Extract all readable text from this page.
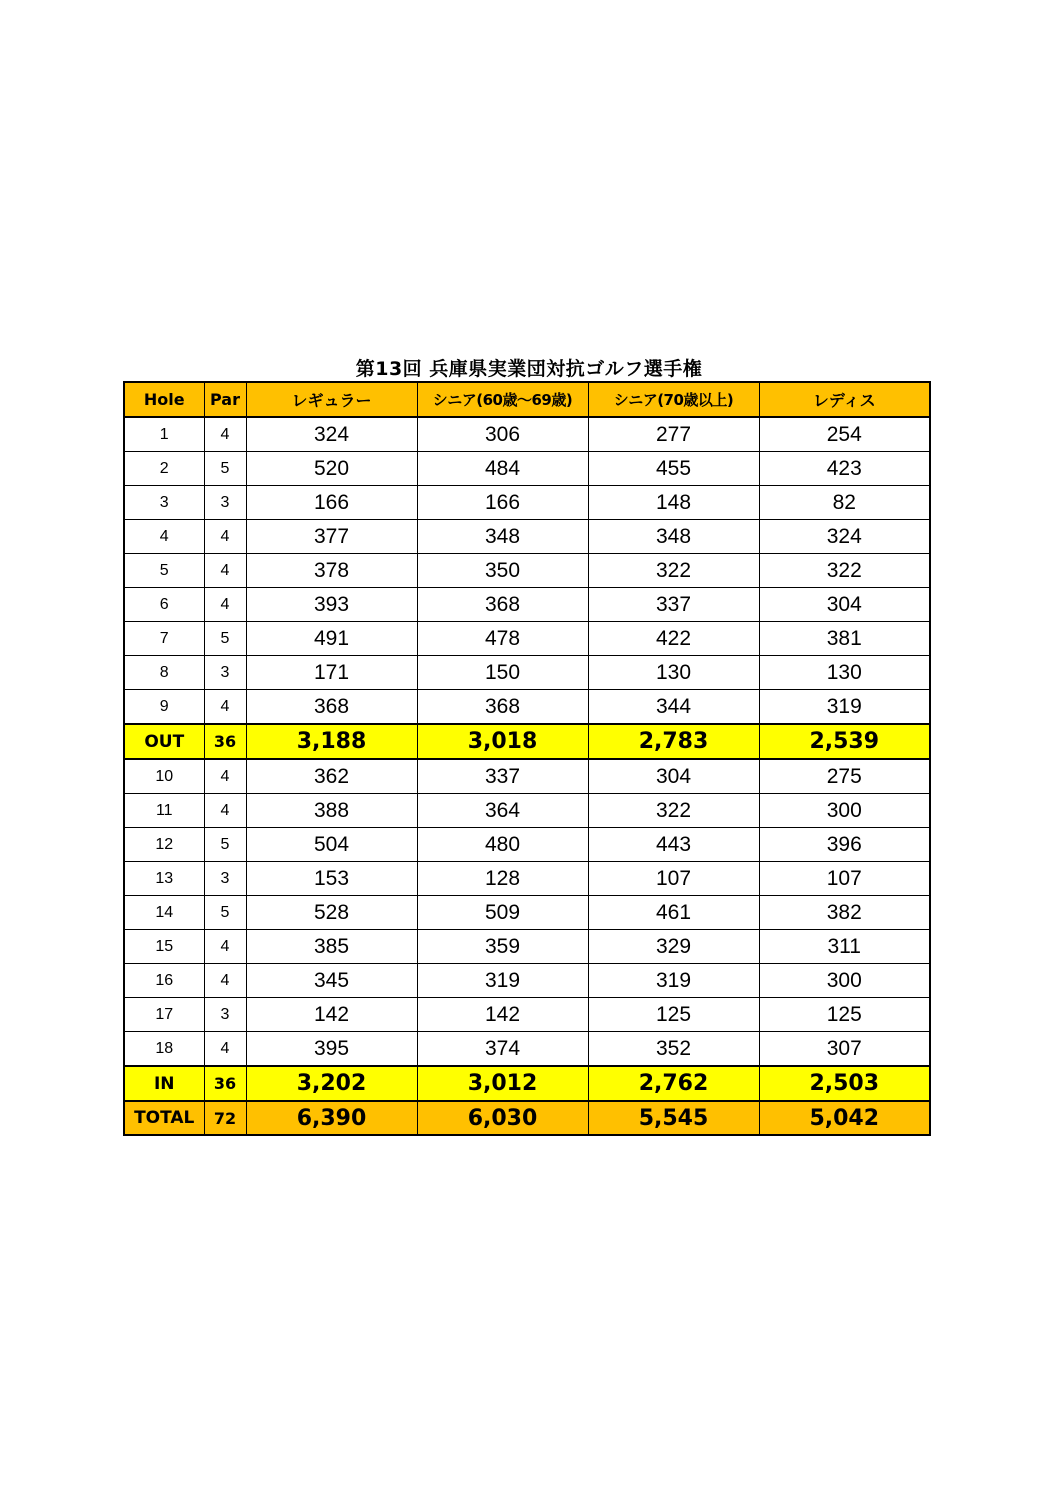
第13回 兵庫県実業団対抗ゴルフ選手権
Hole	Par	レギュラー	シニア(60歳～69歳)	シニア(70歳以上)	レディス
1	4	324	306	277	254
2	5	520	484	455	423
3	3	166	166	148	82
4	4	377	348	348	324
5	4	378	350	322	322
6	4	393	368	337	304
7	5	491	478	422	381
8	3	171	150	130	130
9	4	368	368	344	319
OUT	36	3,188	3,018	2,783	2,539
10	4	362	337	304	275
11	4	388	364	322	300
12	5	504	480	443	396
13	3	153	128	107	107
14	5	528	509	461	382
15	4	385	359	329	311
16	4	345	319	319	300
17	3	142	142	125	125
18	4	395	374	352	307
IN	36	3,202	3,012	2,762	2,503
TOTAL	72	6,390	6,030	5,545	5,042
